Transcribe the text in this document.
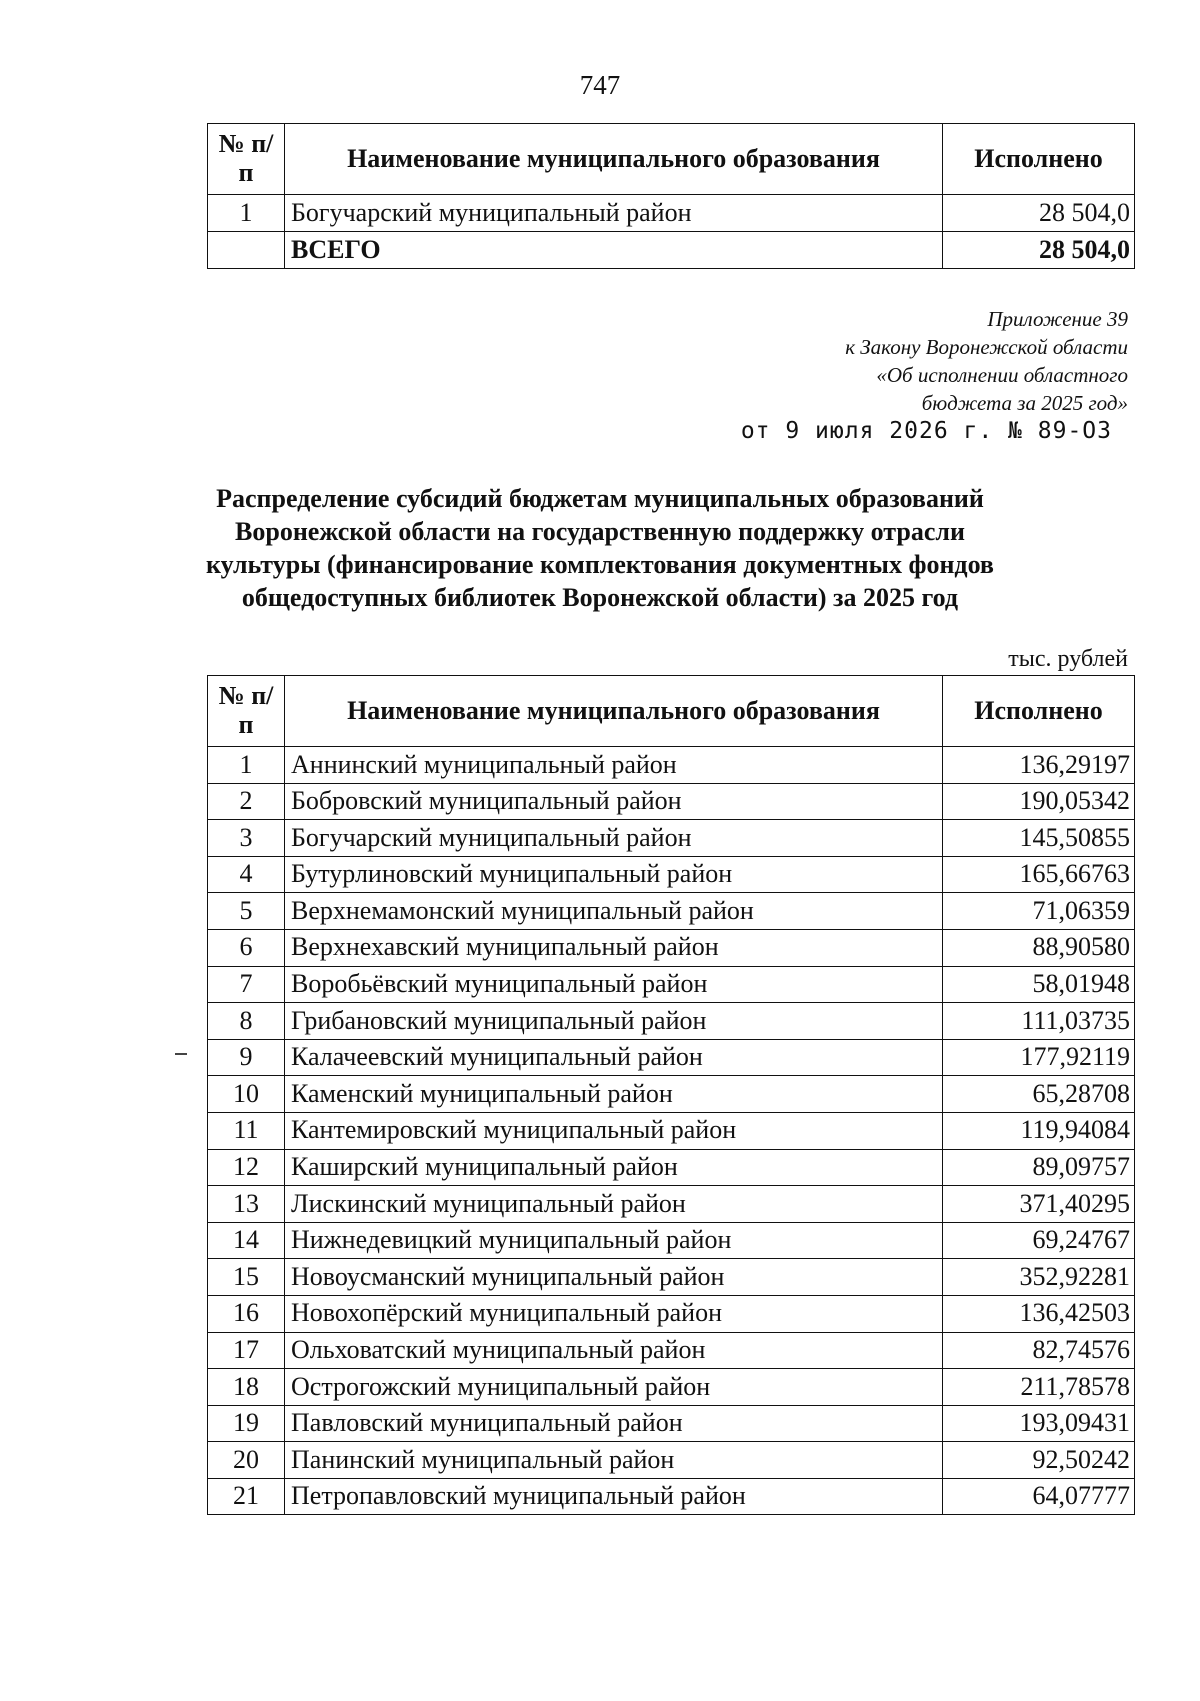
747
№ п/п	Наименование муниципального образования	Исполнено
1	Богучарский муниципальный район	28 504,0
	ВСЕГО	28 504,0
Приложение 39
к Закону Воронежской области
«Об исполнении областного
бюджета за 2025 год»
от 9 июля 2026 г. № 89-ОЗ
Распределение субсидий бюджетам муниципальных образований
Воронежской области на государственную поддержку отрасли
культуры (финансирование комплектования документных фондов
общедоступных библиотек Воронежской области) за 2025 год
тыс. рублей
№ п/п	Наименование муниципального образования	Исполнено
1	Аннинский муниципальный район	136,29197
2	Бобровский муниципальный район	190,05342
3	Богучарский муниципальный район	145,50855
4	Бутурлиновский муниципальный район	165,66763
5	Верхнемамонский муниципальный район	71,06359
6	Верхнехавский муниципальный район	88,90580
7	Воробьёвский муниципальный район	58,01948
8	Грибановский муниципальный район	111,03735
9	Калачеевский муниципальный район	177,92119
10	Каменский муниципальный район	65,28708
11	Кантемировский муниципальный район	119,94084
12	Каширский муниципальный район	89,09757
13	Лискинский муниципальный район	371,40295
14	Нижнедевицкий муниципальный район	69,24767
15	Новоусманский муниципальный район	352,92281
16	Новохопёрский муниципальный район	136,42503
17	Ольховатский муниципальный район	82,74576
18	Острогожский муниципальный район	211,78578
19	Павловский муниципальный район	193,09431
20	Панинский муниципальный район	92,50242
21	Петропавловский муниципальный район	64,07777
